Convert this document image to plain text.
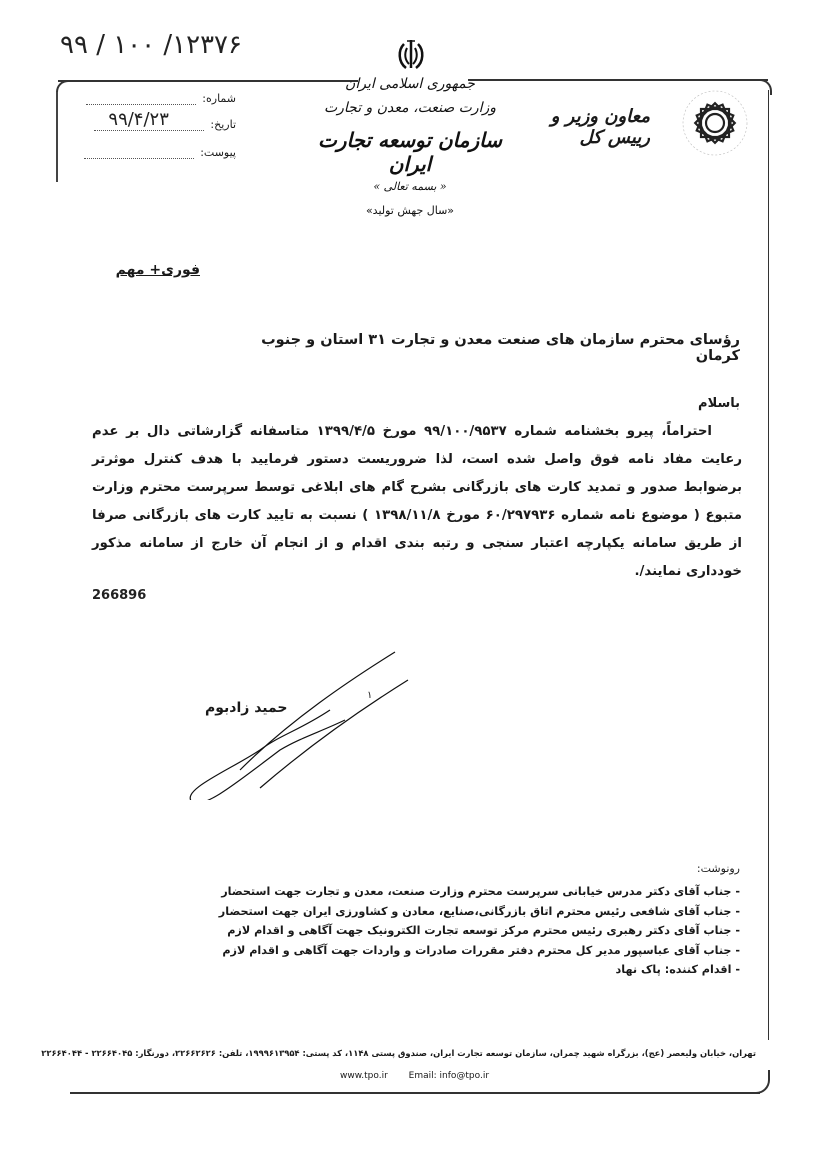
۹۹ / ۱۰۰ /۱۲۳۷۶
شماره:
تاریخ:
۹۹/۴/۲۳
پیوست:
جمهوری اسلامی ایران
وزارت صنعت، معدن و تجارت
سازمان توسعه تجارت ایران
« بسمه تعالی »
«سال جهش تولید»
معاون وزیر و رییس کل
فوری+ مهم
رؤسای محترم سازمان های صنعت معدن و تجارت ۳۱ استان و جنوب کرمان
باسلام

احتراماً، پیرو بخشنامه شماره ۹۹/۱۰۰/۹۵۳۷ مورخ ۱۳۹۹/۴/۵ متاسفانه گزارشاتی دال بر عدم رعایت مفاد نامه فوق واصل شده است، لذا ضروریست دستور فرمایید با هدف کنترل موثرتر برضوابط صدور و تمدید کارت های بازرگانی بشرح گام های ابلاغی توسط سرپرست محترم وزارت متبوع ( موضوع نامه شماره ۶۰/۲۹۷۹۳۶ مورخ ۱۳۹۸/۱۱/۸ ) نسبت به تایید کارت های بازرگانی صرفا از طریق سامانه یکپارچه اعتبار سنجی و رتبه بندی اقدام و از انجام آن خارج از سامانه مذکور خودداری نمایند/.

266896
حمید زادبوم
۱
رونوشت:
- جناب آقای دکتر مدرس خیابانی سرپرست محترم وزارت صنعت، معدن و تجارت جهت استحضار
- جناب آقای شافعی رئیس محترم اتاق بازرگانی،صنایع، معادن و کشاورزی ایران جهت استحضار
- جناب آقای دکتر رهبری رئیس محترم مرکز توسعه تجارت الکترونیک جهت آگاهی و اقدام لازم
- جناب آقای عباسپور مدیر کل محترم دفتر مقررات صادرات و واردات جهت آگاهی و اقدام لازم
- اقدام کننده: پاک نهاد
تهران، خیابان ولیعصر (عج)، بزرگراه شهید چمران، سازمان توسعه تجارت ایران، صندوق پستی ۱۱۴۸، کد پستی: ۱۹۹۹۶۱۳۹۵۴، تلفن: ۲۲۶۶۲۶۲۶، دورنگار: ۲۲۶۶۴۰۴۵ - ۲۲۶۶۴۰۴۴
www.tpo.ir Email: info@tpo.ir
